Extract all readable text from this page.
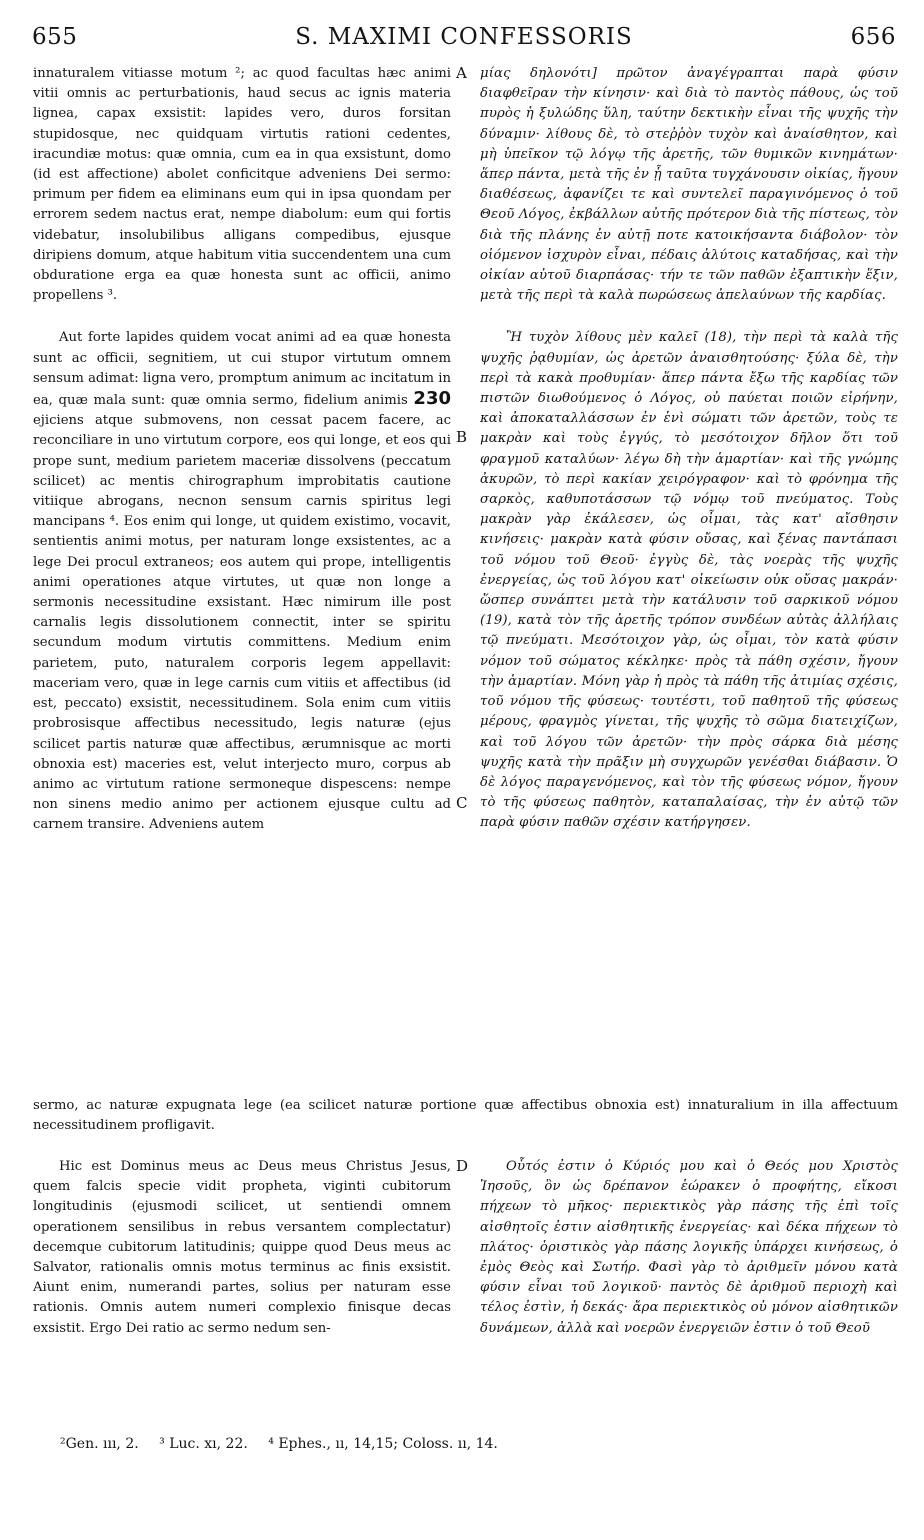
655	S. MAXIMI CONFESSORIS	656
A
B
C
D

innaturalem vitiasse motum ²; ac quod facultas hæc animi vitii omnis ac perturbationis, haud secus ac ignis materia lignea, capax exsistit: lapides vero, duros forsitan stupidosque, nec quidquam virtutis rationi cedentes, iracundiæ motus: quæ omnia, cum ea in qua exsistunt, domo (id est affectione) abolet conficitque adveniens Dei sermo: primum per fidem ea eliminans eum qui in ipsa quondam per errorem sedem nactus erat, nempe diabolum: eum qui fortis videbatur, insolubilibus alligans compedibus, ejusque diripiens domum, atque habitum vitia succendentem una cum obduratione erga ea quæ honesta sunt ac officii, animo propellens ³.

Aut forte lapides quidem vocat animi ad ea quæ honesta sunt ac officii, segnitiem, ut cui stupor virtutum omnem sensum adimat: ligna vero, promptum animum ac incitatum in ea, quæ mala sunt: quæ omnia sermo, fidelium animis 230 ejiciens atque submovens, non cessat pacem facere, ac reconciliare in uno virtutum corpore, eos qui longe, et eos qui prope sunt, medium parietem maceriæ dissolvens (peccatum scilicet) ac mentis chirographum improbitatis cautione vitiique abrogans, necnon sensum carnis spiritus legi mancipans ⁴. Eos enim qui longe, ut quidem existimo, vocavit, sentientis animi motus, per naturam longe exsistentes, ac a lege Dei procul extraneos; eos autem qui prope, intelligentis animi operationes atque virtutes, ut quæ non longe a sermonis necessitudine exsistant. Hæc nimirum ille post carnalis legis dissolutionem connectit, inter se spiritu secundum modum virtutis committens. Medium enim parietem, puto, naturalem corporis legem appellavit: maceriam vero, quæ in lege carnis cum vitiis et affectibus (id est, peccato) exsistit, necessitudinem. Sola enim cum vitiis probrosisque affectibus necessitudo, legis naturæ (ejus scilicet partis naturæ quæ affectibus, ærumnisque ac morti obnoxia est) maceries est, velut interjecto muro, corpus ab animo ac virtutum ratione sermoneque dispescens: nempe non sinens medio animo per actionem ejusque cultu ad carnem transire. Adveniens autem

μίας δηλονότι] πρῶτον ἀναγέγραπται παρὰ φύσιν διαφθεῖραν τὴν κίνησιν· καὶ διὰ τὸ παντὸς πάθους, ὡς τοῦ πυρὸς ἡ ξυλώδης ὕλη, ταύτην δεκτικὴν εἶναι τῆς ψυχῆς τὴν δύναμιν· λίθους δὲ, τὸ στεῤῥὸν τυχὸν καὶ ἀναίσθητον, καὶ μὴ ὑπεῖκον τῷ λόγῳ τῆς ἀρετῆς, τῶν θυμικῶν κινημάτων· ἅπερ πάντα, μετὰ τῆς ἐν ᾗ ταῦτα τυγχάνουσιν οἰκίας, ἤγουν διαθέσεως, ἀφανίζει τε καὶ συντελεῖ παραγινόμενος ὁ τοῦ Θεοῦ Λόγος, ἐκβάλλων αὐτῆς πρότερον διὰ τῆς πίστεως, τὸν διὰ τῆς πλάνης ἐν αὐτῇ ποτε κατοικήσαντα διάβολον· τὸν οἰόμενον ἰσχυρὸν εἶναι, πέδαις ἀλύτοις καταδήσας, καὶ τὴν οἰκίαν αὐτοῦ διαρπάσας· τήν τε τῶν παθῶν ἐξαπτικὴν ἕξιν, μετὰ τῆς περὶ τὰ καλὰ πωρώσεως ἀπελαύνων τῆς καρδίας.

Ἢ τυχὸν λίθους μὲν καλεῖ (18), τὴν περὶ τὰ καλὰ τῆς ψυχῆς ῥᾳθυμίαν, ὡς ἀρετῶν ἀναισθητούσης· ξύλα δὲ, τὴν περὶ τὰ κακὰ προθυμίαν· ἅπερ πάντα ἔξω τῆς καρδίας τῶν πιστῶν διωθούμενος ὁ Λόγος, οὐ παύεται ποιῶν εἰρήνην, καὶ ἀποκαταλλάσσων ἐν ἑνὶ σώματι τῶν ἀρετῶν, τοὺς τε μακρὰν καὶ τοὺς ἐγγύς, τὸ μεσότοιχον δῆλον ὅτι τοῦ φραγμοῦ καταλύων· λέγω δὴ τὴν ἁμαρτίαν· καὶ τῆς γνώμης ἀκυρῶν, τὸ περὶ κακίαν χειρόγραφον· καὶ τὸ φρόνημα τῆς σαρκὸς, καθυποτάσσων τῷ νόμῳ τοῦ πνεύματος. Τοὺς μακρὰν γὰρ ἐκάλεσεν, ὡς οἶμαι, τὰς κατ' αἴσθησιν κινήσεις· μακρὰν κατὰ φύσιν οὔσας, καὶ ξένας παντάπασι τοῦ νόμου τοῦ Θεοῦ· ἐγγὺς δὲ, τὰς νοερὰς τῆς ψυχῆς ἐνεργείας, ὡς τοῦ λόγου κατ' οἰκείωσιν οὐκ οὔσας μακράν· ὥσπερ συνάπτει μετὰ τὴν κατάλυσιν τοῦ σαρκικοῦ νόμου (19), κατὰ τὸν τῆς ἀρετῆς τρόπον συνδέων αὐτὰς ἀλλήλαις τῷ πνεύματι. Μεσότοιχον γὰρ, ὡς οἶμαι, τὸν κατὰ φύσιν νόμον τοῦ σώματος κέκληκε· πρὸς τὰ πάθη σχέσιν, ἤγουν τὴν ἁμαρτίαν. Μόνη γὰρ ἡ πρὸς τὰ πάθη τῆς ἀτιμίας σχέσις, τοῦ νόμου τῆς φύσεως· τουτέστι, τοῦ παθητοῦ τῆς φύσεως μέρους, φραγμὸς γίνεται, τῆς ψυχῆς τὸ σῶμα διατειχίζων, καὶ τοῦ λόγου τῶν ἀρετῶν· τὴν πρὸς σάρκα διὰ μέσης ψυχῆς κατὰ τὴν πρᾶξιν μὴ συγχωρῶν γενέσθαι διάβασιν. Ὁ δὲ λόγος παραγενόμενος, καὶ τὸν τῆς φύσεως νόμον, ἤγουν τὸ τῆς φύσεως παθητὸν, καταπαλαίσας, τὴν ἐν αὐτῷ τῶν παρὰ φύσιν παθῶν σχέσιν κατήργησεν.

sermo, ac naturæ expugnata lege (ea scilicet naturæ portione quæ affectibus obnoxia est) innaturalium in illa affectuum necessitudinem profligavit.

Hic est Dominus meus ac Deus meus Christus Jesus, quem falcis specie vidit propheta, viginti cubitorum longitudinis (ejusmodi scilicet, ut sentiendi omnem operationem sensilibus in rebus versantem complectatur) decemque cubitorum latitudinis; quippe quod Deus meus ac Salvator, rationalis omnis motus terminus ac finis exsistit. Aiunt enim, numerandi partes, solius per naturam esse rationis. Omnis autem numeri complexio finisque decas exsistit. Ergo Dei ratio ac sermo nedum sen-

Οὗτός ἐστιν ὁ Κύριός μου καὶ ὁ Θεός μου Χριστὸς Ἰησοῦς, ὃν ὡς δρέπανον ἑώρακεν ὁ προφήτης, εἴκοσι πήχεων τὸ μῆκος· περιεκτικὸς γὰρ πάσης τῆς ἐπὶ τοῖς αἰσθητοῖς ἐστιν αἰσθητικῆς ἐνεργείας· καὶ δέκα πήχεων τὸ πλάτος· ὁριστικὸς γὰρ πάσης λογικῆς ὑπάρχει κινήσεως, ὁ ἐμὸς Θεὸς καὶ Σωτήρ. Φασὶ γὰρ τὸ ἀριθμεῖν μόνου κατὰ φύσιν εἶναι τοῦ λογικοῦ· παντὸς δὲ ἀριθμοῦ περιοχὴ καὶ τέλος ἐστὶν, ἡ δεκάς· ἄρα περιεκτικὸς οὐ μόνον αἰσθητικῶν δυνάμεων, ἀλλὰ καὶ νοερῶν ἐνεργειῶν ἐστιν ὁ τοῦ Θεοῦ

²Gen. ııı, 2. ³ Luc. xı, 22. ⁴ Ephes., ıı, 14,15; Coloss. ıı, 14.
